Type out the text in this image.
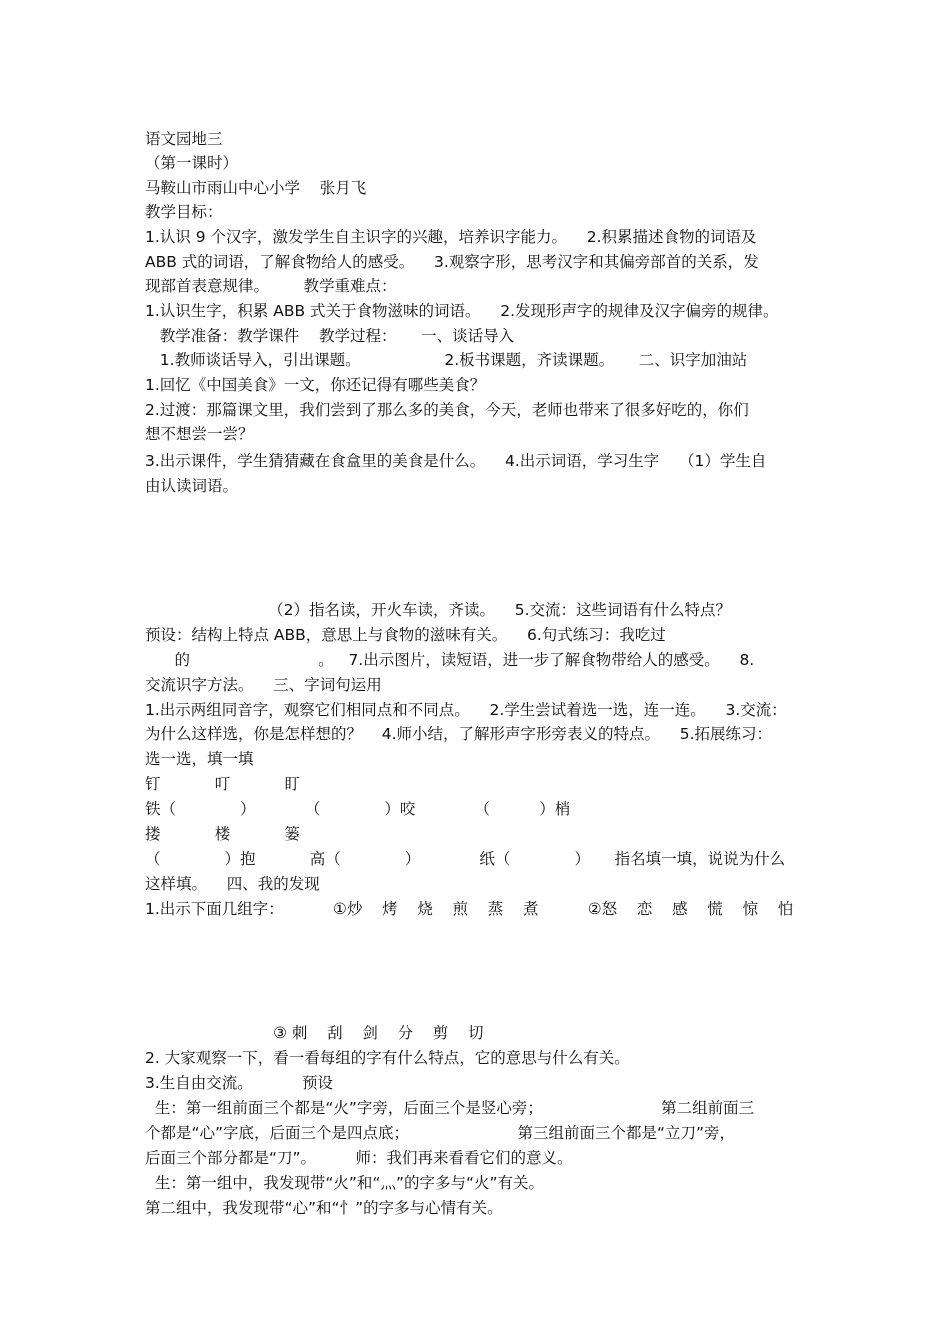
语文园地三
（第一课时）
马鞍山市雨山中心小学    张月飞
教学目标：
1.认识 9 个汉字，激发学生自主识字的兴趣，培养识字能力。    2.积累描述食物的词语及
ABB 式的词语，了解食物给人的感受。    3.观察字形，思考汉字和其偏旁部首的关系，发
现部首表意规律。       教学重难点：
1.认识生字，积累 ABB 式关于食物滋味的词语。    2.发现形声字的规律及汉字偏旁的规律。
教学准备：教学课件    教学过程：     一、谈话导入
1.教师谈话导入，引出课题。                 2.板书课题，齐读课题。     二、识字加油站
1.回忆《中国美食》一文，你还记得有哪些美食？
2.过渡：那篇课文里，我们尝到了那么多的美食，今天，老师也带来了很多好吃的，你们
想不想尝一尝？
3.出示课件，学生猜猜藏在食盒里的美食是什么。    4.出示词语，学习生字    （1）学生自
由认读词语。
（2）指名读，开火车读，齐读。    5.交流：这些词语有什么特点？
预设：结构上特点 ABB，意思上与食物的滋味有关。    6.句式练习：我吃过
的                          。   7.出示图片，读短语，进一步了解食物带给人的感受。    8.
交流识字方法。    三、字词句运用
1.出示两组同音字，观察它们相同点和不同点。    2.学生尝试着选一选，连一连。    3.交流：
为什么这样选，你是怎样想的？    4.师小结，了解形声字形旁表义的特点。    5.拓展练习：
选一选，填一填
钉           叮           盯
铁（             ）          （             ）咬            （          ）梢
搂           楼           篓
（             ）抱           高（             ）            纸（             ）     指名填一填，说说为什么
这样填。    四、我的发现
1.出示下面几组字：          ①炒    烤    烧    煎    蒸    煮          ②怒    恋    感    慌    惊    怕
③ 刺    刮    剑    分    剪    切
2. 大家观察一下，看一看每组的字有什么特点，它的意思与什么有关。
3.生自由交流。          预设
生：第一组前面三个都是“火”字旁，后面三个是竖心旁；                        第二组前面三
个都是“心”字底，后面三个是四点底；                      第三组前面三个都是“立刀”旁，
后面三个部分都是“刀”。        师：我们再来看看它们的意义。
生：第一组中，我发现带“火”和“灬”的字多与“火”有关。
第二组中，我发现带“心”和“忄”的字多与心情有关。
